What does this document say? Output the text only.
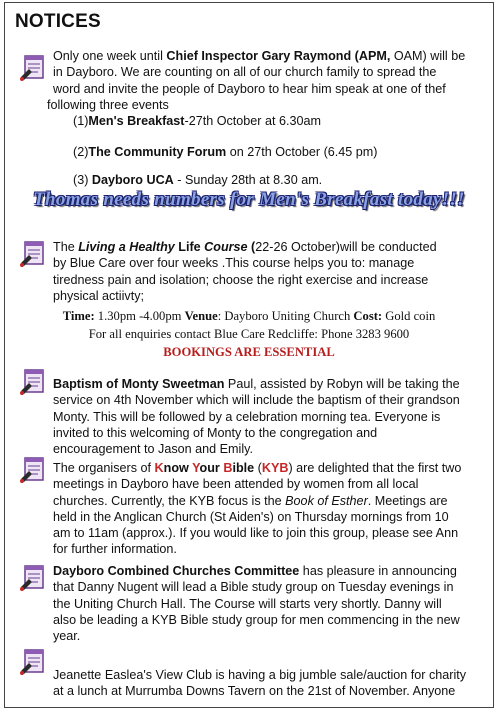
NOTICES

Only one week until Chief Inspector Gary Raymond (APM, OAM) will be

in Dayboro. We are counting on all of our church family to spread the

word and invite the people of Dayboro to hear him speak at one of thef

following three events

(1)Men's Breakfast-27th October at 6.30am
(2)The Community Forum on 27th October (6.45 pm)
(3) Dayboro UCA - Sunday 28th at 8.30 am.
Thomas needs numbers for Men's Breakfast today!!!

The Living a Healthy Life Course (22-26 October)will be conducted

by Blue Care over four weeks .This course helps you to: manage

tiredness pain and isolation; choose the right exercise and increase

physical actiivty;

Time: 1.30pm -4.00pm Venue: Dayboro Uniting Church Cost: Gold coin
For all enquiries contact Blue Care Redcliffe: Phone 3283 9600
BOOKINGS ARE ESSENTIAL

Baptism of Monty Sweetman Paul, assisted by Robyn will be taking the

service on 4th November which will include the baptism of their grandson

Monty. This will be followed by a celebration morning tea. Everyone is

invited to this welcoming of Monty to the congregation and

encouragement to Jason and Emily.

The organisers of Know Your Bible (KYB) are delighted that the first two

meetings in Dayboro have been attended by women from all local

churches. Currently, the KYB focus is the Book of Esther. Meetings are

held in the Anglican Church (St Aiden's) on Thursday mornings from 10

am to 11am (approx.). If you would like to join this group, please see Ann

for further information.

Dayboro Combined Churches Committee has pleasure in announcing

that Danny Nugent will lead a Bible study group on Tuesday evenings in

the Uniting Church Hall. The Course will starts very shortly. Danny will

also be leading a KYB Bible study group for men commencing in the new

year.

Jeanette Easlea's View Club is having a big jumble sale/auction for charity

at a lunch at Murrumba Downs Tavern on the 21st of November. Anyone
